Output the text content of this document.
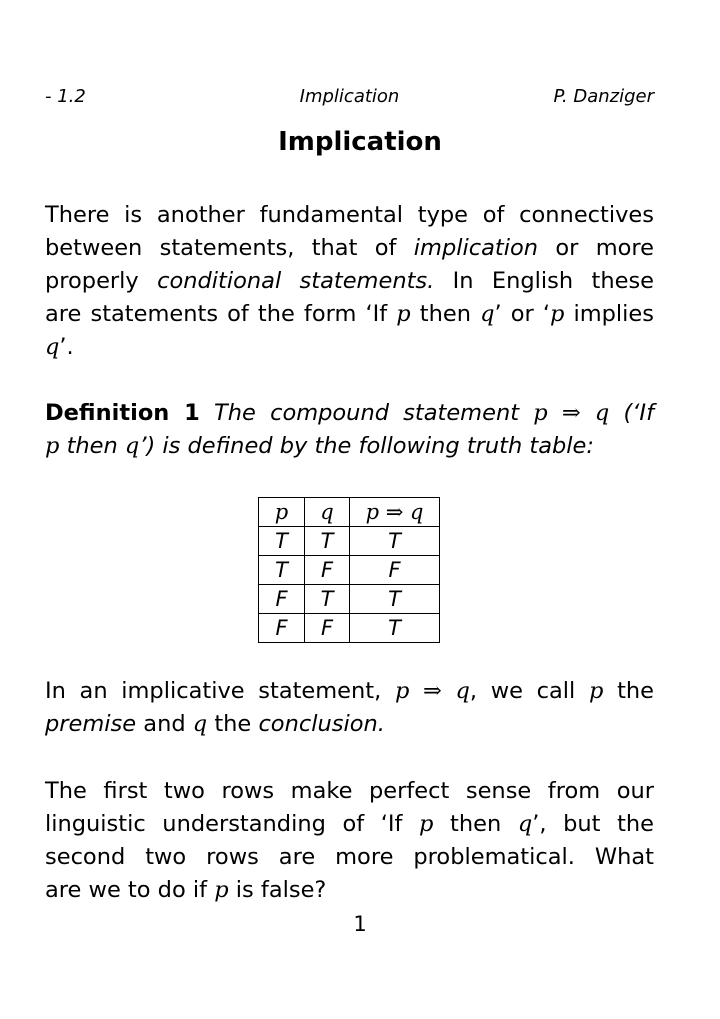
- 1.2	Implication	P. Danziger
Implication
There is another fundamental type of connectives
between statements, that of implication or more
properly conditional statements. In English these
are statements of the form ‘If p then q’ or ‘p implies
q’.
Definition 1 The compound statement p ⇒ q (‘If
p then q’) is defined by the following truth table:
p	q	p ⇒ q
T	T	T
T	F	F
F	T	T
F	F	T
In an implicative statement, p ⇒ q, we call p the
premise and q the conclusion.
The first two rows make perfect sense from our
linguistic understanding of ‘If p then q’, but the
second two rows are more problematical. What
are we to do if p is false?
1
